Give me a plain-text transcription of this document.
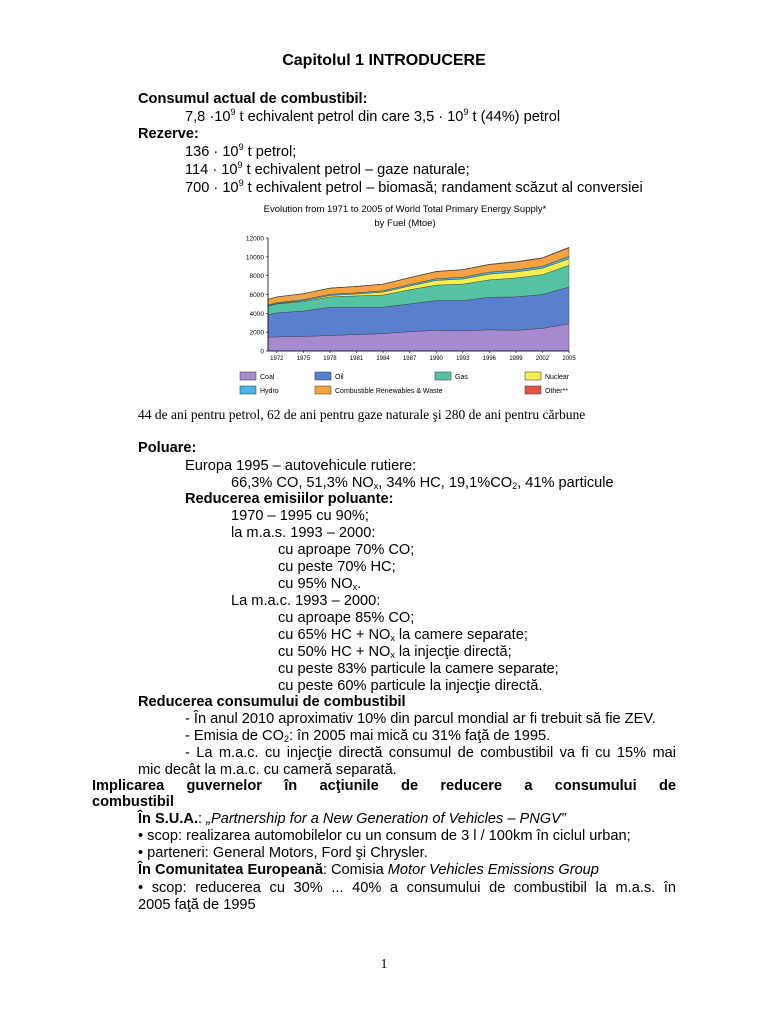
Capitolul 1 INTRODUCERE
Consumul actual de combustibil:
$7,8 \cdot 10^9$ t echivalent petrol din care $3,5 \cdot 10^9$ t (44%) petrol
Rezerve:
$136 \cdot 10^9$ t petrol;
$114 \cdot 10^9$ t echivalent petrol – gaze naturale;
$700 \cdot 10^9$ t echivalent petrol – biomasă; randament scăzut al conversiei
Evolution from 1971 to 2005 of World Total Primary Energy Supply*
by Fuel (Mtoe)
0
2000
4000
6000
8000
10000
12000
1972 1975 1978 1981 1984 1987 1990 1993 1996 1999 2002 2005
Coal	Oil	Gas	Nuclear
Hydro	Combustible Renewables & Waste	Other**
44 de ani pentru petrol, 62 de ani pentru gaze naturale şi 280 de ani pentru cărbune
Poluare:
Europa 1995 – autovehicule rutiere:
66,3% CO, 51,3% $NO_x$, 34% HC, $19,1\%CO_2$, 41% particule
Reducerea emisiilor poluante:
1970 – 1995 cu 90%;
la m.a.s. 1993 – 2000:
cu aproape 70% CO;
cu peste 70% HC;
cu 95% $NO_x$.
La m.a.c. 1993 – 2000:
cu aproape 85% CO;
cu 65% HC + $NO_x$ la camere separate;
cu 50% HC + $NO_x$ la injecţie directă;
cu peste 83% particule la camere separate;
cu peste 60% particule la injecţie directă.
Reducerea consumului de combustibil
- În anul 2010 aproximativ 10% din parcul mondial ar fi trebuit să fie ZEV.
- Emisia de $CO_2$: în 2005 mai mică cu 31% faţă de 1995.
- La m.a.c. cu injecţie directă consumul de combustibil va fi cu 15% mai
mic decât la m.a.c. cu cameră separată.
Implicarea guvernelor în acţiunile de reducere a consumului de
combustibil
În S.U.A.: „Partnership for a New Generation of Vehicles – PNGV”
• scop: realizarea automobilelor cu un consum de 3 l / 100km în ciclul urban;
• parteneri: General Motors, Ford şi Chrysler.
În Comunitatea Europeană: Comisia Motor Vehicles Emissions Group
• scop: reducerea cu 30% ... 40% a consumului de combustibil la m.a.s. în
2005 faţă de 1995
1
